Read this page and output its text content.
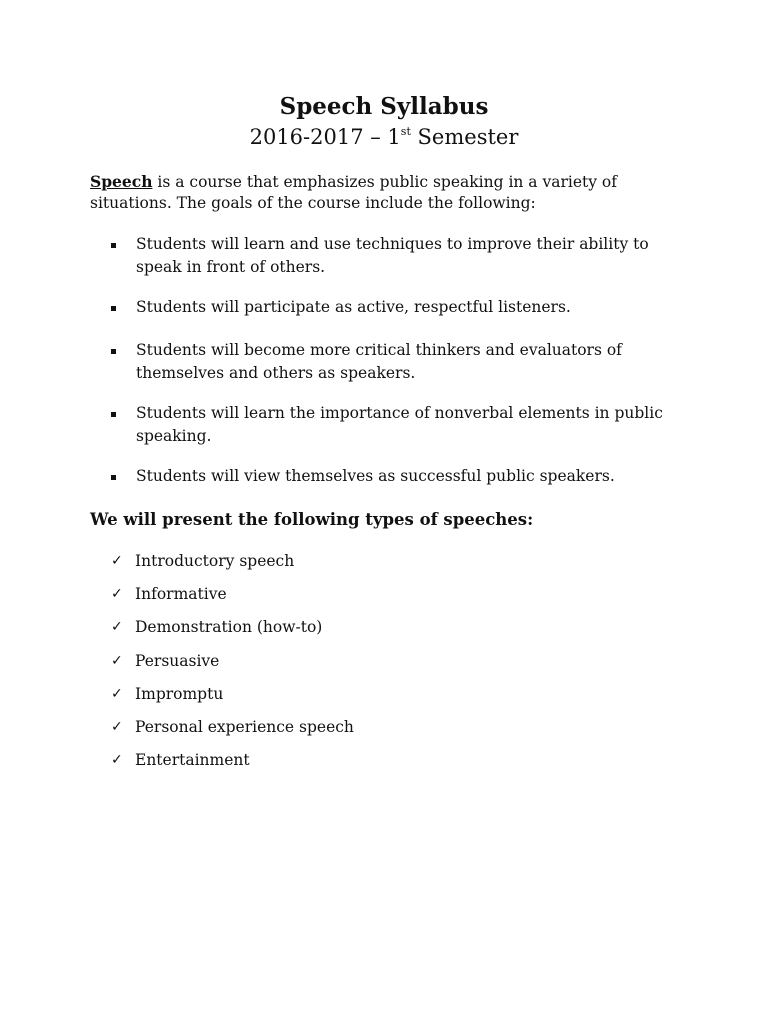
Speech Syllabus
2016-2017 – 1st Semester
Speech is a course that emphasizes public speaking in a variety of situations. The goals of the course include the following:
Students will learn and use techniques to improve their ability to speak in front of others.
Students will participate as active, respectful listeners.
Students will become more critical thinkers and evaluators of themselves and others as speakers.
Students will learn the importance of nonverbal elements in public speaking.
Students will view themselves as successful public speakers.
We will present the following types of speeches:
✓ Introductory speech
✓ Informative
✓ Demonstration (how-to)
✓ Persuasive
✓ Impromptu
✓ Personal experience speech
✓ Entertainment
